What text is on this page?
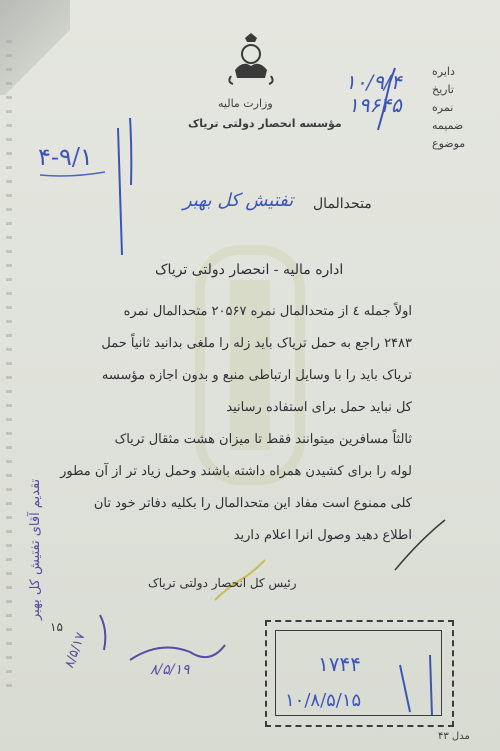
وزارت مالیه
مؤسسه انحصار دولتی تریاک
دایره
تاریخ
نمره
ضمیمه
موضوع
۱۰/۹/۴
۱۹۶۴۵
۴-۹/۱
متحدالمال
تفتیش کل بهبر
اداره مالیه - انحصار دولتی تریاک
اولاً جمله ٤ از متحدالمال نمره ۲۰۵۶۷ متحدالمال نمره
۲۴۸۳ راجع به حمل تریاک باید زله را ملغی بدانید ثانیاً حمل
تریاک باید را با وسایل ارتباطی منبع و بدون اجازه مؤسسه
کل نباید حمل برای استفاده رسانید
ثالثاً مسافرین میتوانند فقط تا میزان هشت مثقال تریاک
لوله را برای کشیدن همراه داشته باشند وحمل زیاد تر از آن مطور
کلی ممنوع است مفاد این متحدالمال را بکلیه دفاتر خود تان
اطلاع دهید وصول انرا اعلام دارید
رئیس کل انحصار دولتی تریاک
تقدیم آقای تفتیش کل بهبر
۱۵
۸/۵/۱۷	۸/۵/۱۹	۱۷۴۴
۱۰/۸/۵/۱۵
مدل ۴۳
